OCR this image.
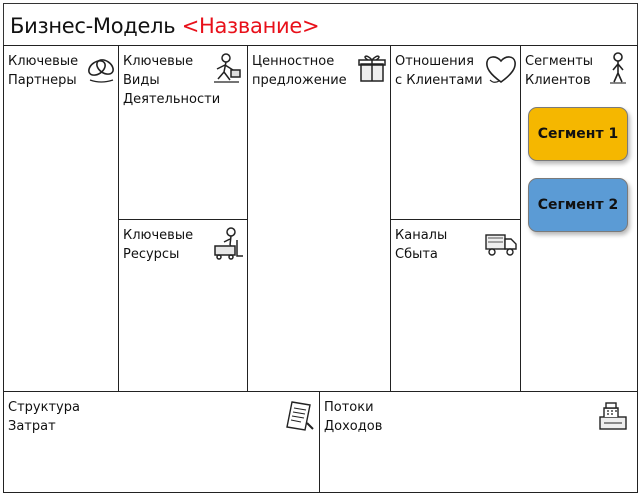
Бизнес-Модель <Название>
Ключевые
Партнеры
Ключевые
Виды
Деятельности
Ключевые
Ресурсы
Ценностное
предложение
Отношения
с Клиентами
Каналы
Сбыта
Сегменты
Клиентов
Сегмент 1
Сегмент 2
Структура
Затрат
Потоки
Доходов
